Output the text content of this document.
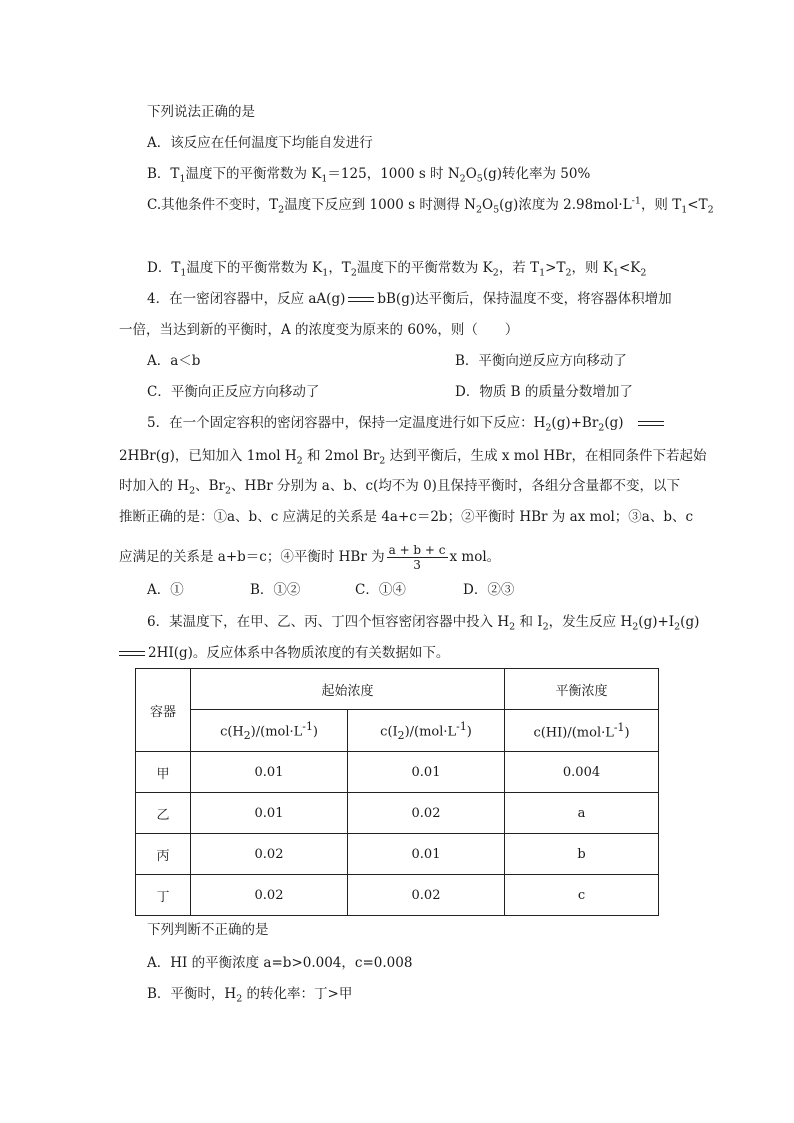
下列说法正确的是
A．该反应在任何温度下均能自发进行
B．$T_1$温度下的平衡常数为 $K_1=125$，1000 s 时 $N_2O_5(g)$转化率为 50%
C.其他条件不变时，$T_2$温度下反应到 1000 s 时测得 $N_2O_5(g)$浓度为 $2.98mol\cdot L^{-1}$，则 $T_1<T_2$
D．$T_1$温度下的平衡常数为 $K_1$，$T_2$温度下的平衡常数为 $K_2$，若 $T_1>T_2$，则 $K_1<K_2$
4．在一密闭容器中，反应 aA(g) bB(g)达平衡后，保持温度不变，将容器体积增加
一倍，当达到新的平衡时，A 的浓度变为原来的 60%，则（　　）
A．a＜b	B．平衡向逆反应方向移动了
C．平衡向正反应方向移动了	D．物质 B 的质量分数增加了
5．在一个固定容积的密闭容器中，保持一定温度进行如下反应：$H_2(g)+Br_2(g)$
2HBr(g)，已知加入 1mol $H_2$ 和 2mol $Br_2$ 达到平衡后，生成 x mol HBr，在相同条件下若起始
时加入的 $H_2$、$Br_2$、HBr 分别为 a、b、c(均不为 0)且保持平衡时，各组分含量都不变，以下
推断正确的是：①a、b、c 应满足的关系是 4a+c＝2b；②平衡时 HBr 为 ax mol；③a、b、c
应满足的关系是 a+b＝c；④平衡时 HBr 为 $\frac{a + b + c}{3}$ x mol。
A．①	B．①②	C．①④	D．②③
6．某温度下，在甲、乙、丙、丁四个恒容密闭容器中投入 $H_2$ 和 $I_2$，发生反应 $H_2(g)+I_2(g)$
2HI(g)。反应体系中各物质浓度的有关数据如下。
容器	起始浓度		平衡浓度
	$c(H_2)/(mol\cdot L^{-1})$	$c(I_2)/(mol\cdot L^{-1})$	$c(HI)/(mol\cdot L^{-1})$
甲	0.01	0.01	0.004
乙	0.01	0.02	a
丙	0.02	0.01	b
丁	0.02	0.02	c
下列判断不正确的是
A．HI 的平衡浓度 a=b>0.004，c=0.008
B．平衡时，$H_2$ 的转化率：丁>甲
